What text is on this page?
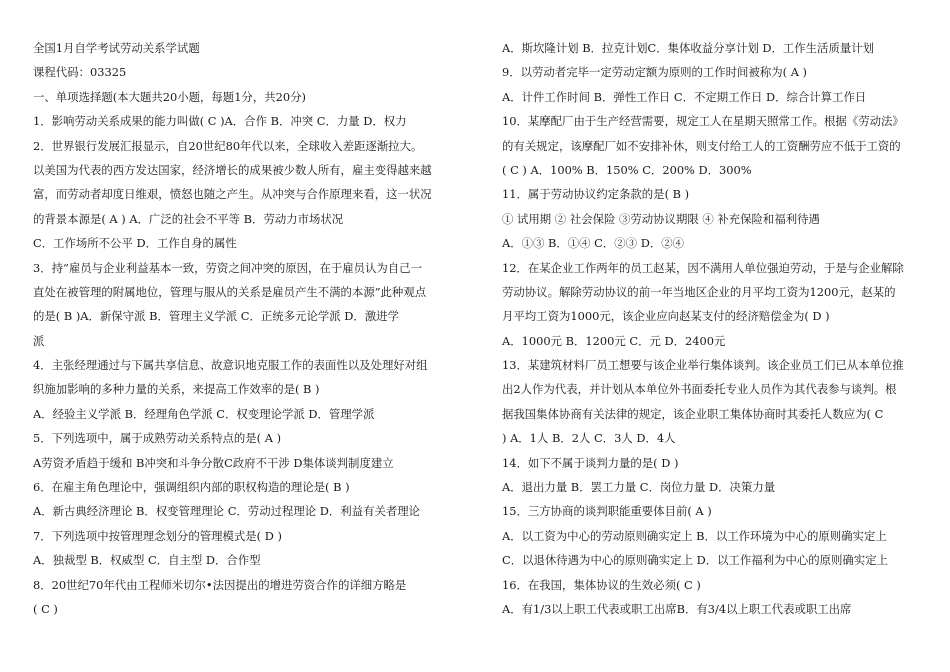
全国1月自学考试劳动关系学试题
课程代码：03325
一、单项选择题(本大题共20小题，每题1分，共20分)
1．影响劳动关系成果的能力叫做( C )A．合作 B．冲突 C．力量 D．权力
2．世界银行发展汇报显示，自20世纪80年代以来，全球收入差距逐渐拉大。
以美国为代表的西方发达国家，经济增长的成果被少数人所有，雇主变得越来越
富，而劳动者却度日维艰，愤怒也随之产生。从冲突与合作原理来看，这一状况
的背景本源是( A ) A．广泛的社会不平等 B．劳动力市场状况
C．工作场所不公平 D．工作自身的属性
3．持“雇员与企业利益基本一致，劳资之间冲突的原因，在于雇员认为自己一
直处在被管理的附属地位，管理与服从的关系是雇员产生不满的本源”此种观点
的是( B )A．新保守派 B．管理主义学派 C．正统多元论学派 D．激进学
派
4．主张经理通过与下属共享信息、故意识地克服工作的表面性以及处理好对组
织施加影响的多种力量的关系，来提高工作效率的是( B )
A．经验主义学派 B．经理角色学派 C．权变理论学派 D．管理学派
5．下列选项中，属于成熟劳动关系特点的是( A )
A劳资矛盾趋于缓和 B冲突和斗争分散C政府不干涉 D集体谈判制度建立
6．在雇主角色理论中，强调组织内部的职权构造的理论是( B )
A．新古典经济理论 B．权变管理理论 C．劳动过程理论 D．利益有关者理论
7．下列选项中按管理理念划分的管理模式是( D )
A．独裁型 B．权威型 C．自主型 D．合作型
8．20世纪70年代由工程师米切尔•法因提出的增进劳资合作的详细方略是
( C )
A．斯坎隆计划 B．拉克计划C．集体收益分享计划 D．工作生活质量计划
9．以劳动者完毕一定劳动定额为原则的工作时间被称为( A )
A．计件工作时间 B．弹性工作日 C．不定期工作日 D．综合计算工作日
10．某摩配厂由于生产经营需要，规定工人在星期天照常工作。根据《劳动法》
的有关规定，该摩配厂如不安排补休，则支付给工人的工资酬劳应不低于工资的
( C ) A．100% B．150% C．200% D．300%
11．属于劳动协议约定条款的是( B )
① 试用期 ② 社会保险 ③劳动协议期限 ④ 补充保险和福利待遇
A．①③ B．①④ C．②③ D．②④
12．在某企业工作两年的员工赵某，因不满用人单位强迫劳动，于是与企业解除
劳动协议。解除劳动协议的前一年当地区企业的月平均工资为1200元，赵某的
月平均工资为1000元，该企业应向赵某支付的经济赔偿金为( D )
A．1000元 B．1200元 C．元 D．2400元
13．某建筑材料厂员工想要与该企业举行集体谈判。该企业员工们已从本单位推
出2人作为代表，并计划从本单位外书面委托专业人员作为其代表参与谈判。根
据我国集体协商有关法律的规定，该企业职工集体协商时其委托人数应为( C
) A．1人 B．2人 C．3人 D．4人
14．如下不属于谈判力量的是( D )
A．退出力量 B．罢工力量 C．岗位力量 D．决策力量
15．三方协商的谈判职能重要体目前( A )
A．以工资为中心的劳动原则确实定上 B．以工作环境为中心的原则确实定上
C．以退休待遇为中心的原则确实定上 D．以工作福利为中心的原则确实定上
16．在我国，集体协议的生效必须( C )
A．有1/3以上职工代表或职工出席B．有3/4以上职工代表或职工出席
